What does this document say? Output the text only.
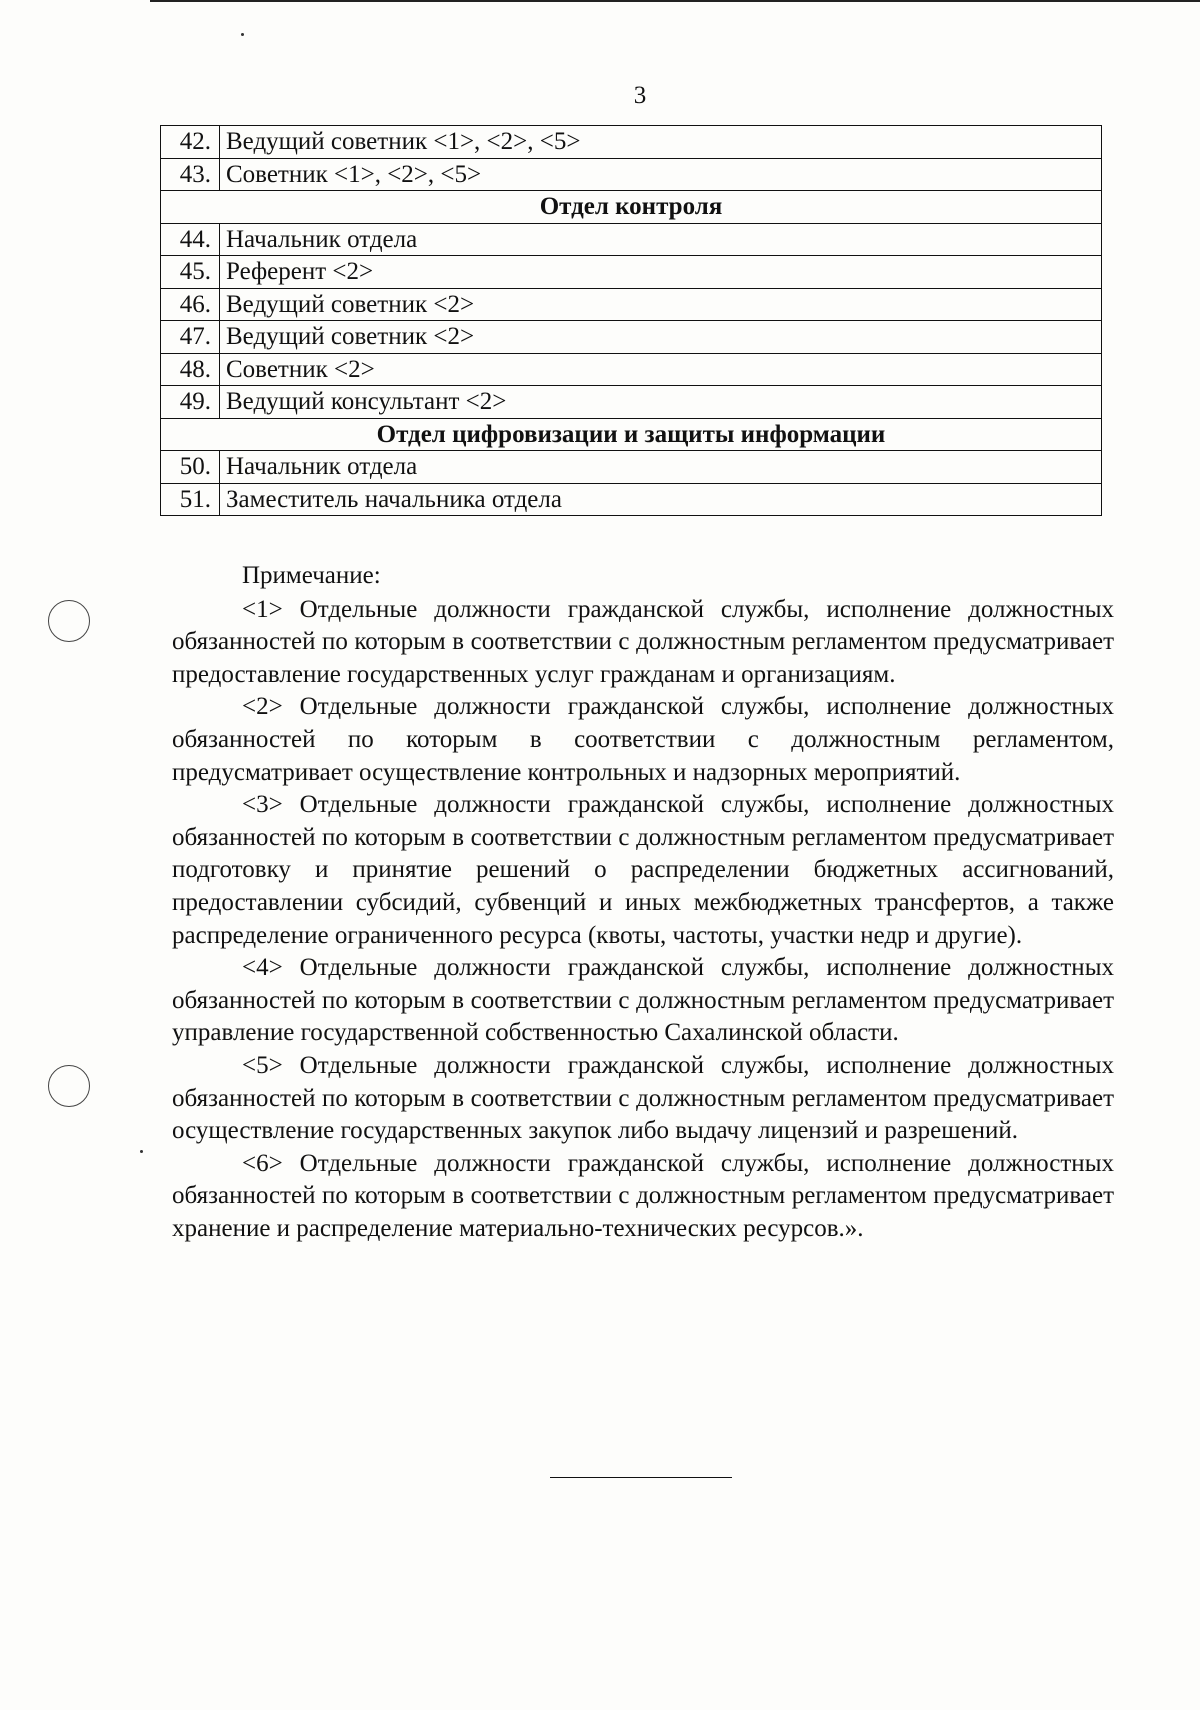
3
42.	Ведущий советник <1>, <2>, <5>
43.	Советник <1>, <2>, <5>
Отдел контроля	
44.	Начальник отдела
45.	Референт <2>
46.	Ведущий советник <2>
47.	Ведущий советник <2>
48.	Советник <2>
49.	Ведущий консультант <2>
Отдел цифровизации и защиты информации	
50.	Начальник отдела
51.	Заместитель начальника отдела
Примечание:

<1> Отдельные должности гражданской службы, исполнение должностных обязанностей по которым в соответствии с должностным регламентом предусматривает предоставление государственных услуг гражданам и организациям.

<2> Отдельные должности гражданской службы, исполнение должностных обязанностей по которым в соответствии с должностным регламентом, предусматривает осуществление контрольных и надзорных мероприятий.

<3> Отдельные должности гражданской службы, исполнение должностных обязанностей по которым в соответствии с должностным регламентом предусматривает подготовку и принятие решений о распределении бюджетных ассигнований, предоставлении субсидий, субвенций и иных межбюджетных трансфертов, а также распределение ограниченного ресурса (квоты, частоты, участки недр и другие).

<4> Отдельные должности гражданской службы, исполнение должностных обязанностей по которым в соответствии с должностным регламентом предусматривает управление государственной собственностью Сахалинской области.

<5> Отдельные должности гражданской службы, исполнение должностных обязанностей по которым в соответствии с должностным регламентом предусматривает осуществление государственных закупок либо выдачу лицензий и разрешений.

<6> Отдельные должности гражданской службы, исполнение должностных обязанностей по которым в соответствии с должностным регламентом предусматривает хранение и распределение материально-технических ресурсов.».
